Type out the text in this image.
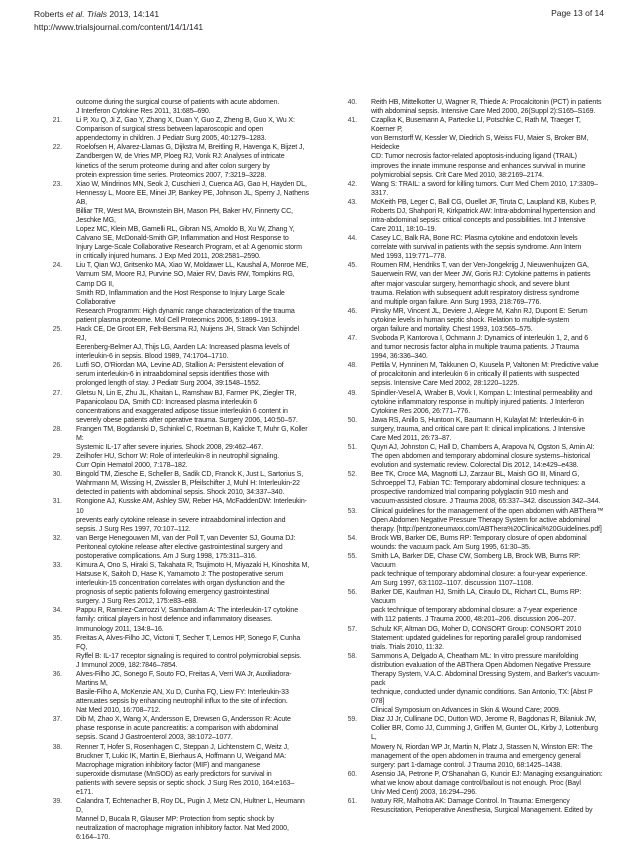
Roberts et al. Trials 2013, 14:141
http://www.trialsjournal.com/content/14/1/141
Page 13 of 14
outcome during the surgical course of patients with acute abdomen.
J Interferon Cytokine Res 2011, 31:685–690.
21. Li P, Xu Q, Ji Z, Gao Y, Zhang X, Duan Y, Guo Z, Zheng B, Guo X, Wu X:
Comparison of surgical stress between laparoscopic and open
appendectomy in children. J Pediatr Surg 2005, 40:1279–1283.
22. Roelofsen H, Alvarez-Llamas G, Dijkstra M, Breitling R, Havenga K, Bijzet J,
Zandbergen W, de Vries MP, Ploeg RJ, Vonk RJ: Analyses of intricate
kinetics of the serum proteome during and after colon surgery by
protein expression time series. Proteomics 2007, 7:3219–3228.
23. Xiao W, Mindrinos MN, Seok J, Cuschieri J, Cuenca AG, Gao H, Hayden DL,
Hennessy L, Moore EE, Minei JP, Bankey PE, Johnson JL, Sperry J, Nathens AB,
Billiar TR, West MA, Brownstein BH, Mason PH, Baker HV, Finnerty CC, Jeschke MG,
Lopez MC, Klein MB, Gamelli RL, Gibran NS, Arnoldo B, Xu W, Zhang Y,
Calvano SE, McDonald-Smith GP, Inflammation and Host Response to
Injury Large-Scale Collaborative Research Program, et al: A genomic storm
in critically injured humans. J Exp Med 2011, 208:2581–2590.
24. Liu T, Qian WJ, Gritsenko MA, Xiao W, Moldawer LL, Kaushal A, Monroe ME,
Varnum SM, Moore RJ, Purvine SO, Maier RV, Davis RW, Tompkins RG, Camp DG II,
Smith RD, Inflammation and the Host Response to Injury Large Scale Collaborative
Research Programm: High dynamic range characterization of the trauma
patient plasma proteome. Mol Cell Proteomics 2006, 5:1899–1913.
25. Hack CE, De Groot ER, Felt-Bersma RJ, Nuijens JH, Strack Van Schijndel RJ,
Eerenberg-Belmer AJ, Thijs LG, Aarden LA: Increased plasma levels of
interleukin-6 in sepsis. Blood 1989, 74:1704–1710.
26. Lutfi SO, O'Riordan MA, Levine AD, Stallion A: Persistent elevation of
serum interleukin-6 in intraabdominal sepsis identifies those with
prolonged length of stay. J Pediatr Surg 2004, 39:1548–1552.
27. Gletsu N, Lin E, Zhu JL, Khaitan L, Ramshaw BJ, Farmer PK, Ziegler TR,
Papanicolaou DA, Smith CD: Increased plasma interleukin 6
concentrations and exaggerated adipose tissue interleukin 6 content in
severely obese patients after operative trauma. Surgery 2006, 140:50–57.
28. Frangen TM, Bogdanski D, Schinkel C, Roetman B, Kalicke T, Muhr G, Koller M:
Systemic IL-17 after severe injuries. Shock 2008, 29:462–467.
29. Zeilhofer HU, Schorr W: Role of interleukin-8 in neutrophil signaling.
Curr Opin Hematol 2000, 7:178–182.
30. Bingold TM, Ziesche E, Scheller B, Sadik CD, Franck K, Just L, Sartorius S,
Wahrmann M, Wissing H, Zwissler B, Pfeilschifter J, Muhl H: Interleukin-22
detected in patients with abdominal sepsis. Shock 2010, 34:337–340.
31. Rongione AJ, Kusske AM, Ashley SW, Reber HA, McFaddenDW: Interleukin-10
prevents early cytokine release in severe intraabdominal infection and
sepsis. J Surg Res 1997, 70:107–112.
32. van Berge Henegouwen MI, van der Poll T, van Deventer SJ, Gouma DJ:
Peritoneal cytokine release after elective gastrointestinal surgery and
postoperative complications. Am J Surg 1998, 175:311–316.
33. Kimura A, Ono S, Hiraki S, Takahata R, Tsujimoto H, Miyazaki H, Kinoshita M,
Hatsuse K, Saitoh D, Hase K, Yamamoto J: The postoperative serum
interleukin-15 concentration correlates with organ dysfunction and the
prognosis of septic patients following emergency gastrointestinal
surgery. J Surg Res 2012, 175:e83–e88.
34. Pappu R, Ramirez-Carrozzi V, Sambandam A: The interleukin-17 cytokine
family: critical players in host defence and inflammatory diseases.
Immunology 2011, 134:8–16.
35. Freitas A, Alves-Filho JC, Victoni T, Secher T, Lemos HP, Sonego F, Cunha FQ,
Ryffel B: IL-17 receptor signaling is required to control polymicrobial sepsis.
J Immunol 2009, 182:7846–7854.
36. Alves-Filho JC, Sonego F, Souto FO, Freitas A, Verri WA Jr, Auxiliadora-Martins M,
Basile-Filho A, McKenzie AN, Xu D, Cunha FQ, Liew FY: Interleukin-33
attenuates sepsis by enhancing neutrophil influx to the site of infection.
Nat Med 2010, 16:708–712.
37. Dib M, Zhao X, Wang X, Andersson E, Drewsen G, Andersson R: Acute
phase response in acute pancreatitis: a comparison with abdominal
sepsis. Scand J Gastroenterol 2003, 38:1072–1077.
38. Renner T, Hofer S, Rosenhagen C, Steppan J, Lichtenstern C, Weitz J,
Bruckner T, Lukic IK, Martin E, Bierhaus A, Hoffmann U, Weigand MA:
Macrophage migration inhibitory factor (MIF) and manganese
superoxide dismutase (MnSOD) as early predictors for survival in
patients with severe sepsis or septic shock. J Surg Res 2010, 164:e163–e171.
39. Calandra T, Echtenacher B, Roy DL, Pugin J, Metz CN, Hultner L, Heumann D,
Mannel D, Bucala R, Glauser MP: Protection from septic shock by
neutralization of macrophage migration inhibitory factor. Nat Med 2000,
6:164–170.
40. Reith HB, Mittelkotter U, Wagner R, Thiede A: Procalcitonin (PCT) in patients
with abdominal sepsis. Intensive Care Med 2000, 26(Suppl 2):S165–S169.
41. Czaplka K, Busemann A, Partecke LI, Potschke C, Rath M, Traeger T, Koerner P,
von Bernstorff W, Kessler W, Diedrich S, Weiss FU, Maier S, Broker BM, Heidecke
CD: Tumor necrosis factor-related apoptosis-inducing ligand (TRAIL)
improves the innate immune response and enhances survival in murine
polymicrobial sepsis. Crit Care Med 2010, 38:2169–2174.
42. Wang S: TRAIL: a sword for killing tumors. Curr Med Chem 2010, 17:3309–3317.
43. McKeith PB, Leger C, Ball CG, Ouellet JF, Tiruta C, Laupland KB, Kubes P,
Roberts DJ, Shahpori R, Kirkpatrick AW: Intra-abdominal hypertension and
intra-abdominal sepsis: critical concepts and possibilities. Int J Intensive
Care 2011, 18:10–19.
44. Casey LC, Balk RA, Bone RC: Plasma cytokine and endotoxin levels
correlate with survival in patients with the sepsis syndrome. Ann Intern
Med 1993, 119:771–778.
45. Roumen RM, Hendriks T, van der Ven-Jongekrijg J, Nieuwenhuijzen GA,
Sauerwein RW, van der Meer JW, Goris RJ: Cytokine patterns in patients
after major vascular surgery, hemorrhagic shock, and severe blunt
trauma. Relation with subsequent adult respiratory distress syndrome
and multiple organ failure. Ann Surg 1993, 218:769–776.
46. Pinsky MR, Vincent JL, Deviere J, Alegre M, Kahn RJ, Dupont E: Serum
cytokine levels in human septic shock. Relation to multiple-system
organ failure and mortality. Chest 1993, 103:565–575.
47. Svoboda P, Kantorova I, Ochmann J: Dynamics of interleukin 1, 2, and 6
and tumor necrosis factor alpha in multiple trauma patients. J Trauma
1994, 36:336–340.
48. Pettila V, Hynninen M, Takkunen O, Kuusela P, Valtonen M: Predictive value
of procalcitonin and interleukin 6 in critically ill patients with suspected
sepsis. Intensive Care Med 2002, 28:1220–1225.
49. Spindler-Vesel A, Wraber B, Vovk I, Kompan L: Intestinal permeability and
cytokine inflammatory response in multiply injured patients. J Interferon
Cytokine Res 2006, 26:771–776.
50. Jawa RS, Anillo S, Huntoon K, Baumann H, Kulaylat M: Interleukin-6 in
surgery, trauma, and critical care part II: clinical implications. J Intensive
Care Med 2011, 26:73–87.
51. Quyn AJ, Johnston C, Hall D, Chambers A, Arapova N, Ogston S, Amin AI:
The open abdomen and temporary abdominal closure systems–historical
evolution and systematic review. Colorectal Dis 2012, 14:e429–e438.
52. Bee TK, Croce MA, Magnotti LJ, Zarzaur BL, Maish GO III, Minard G,
Schroeppel TJ, Fabian TC: Temporary abdominal closure techniques: a
prospective randomized trial comparing polyglactin 910 mesh and
vacuum-assisted closure. J Trauma 2008, 65:337–342. discussion 342–344.
53. Clinical guidelines for the management of the open abdomen with ABThera™
Open Abdomen Negative Pressure Therapy System for active abdominal
therapy. [http://pentzoneumaxx.com/ABThera%20Clinical%20Guidelines.pdf]
54. Brock WB, Barker DE, Burns RP: Temporary closure of open abdominal
wounds: the vacuum pack. Am Surg 1995, 61:30–35.
55. Smith LA, Barker DE, Chase CW, Somberg LB, Brock WB, Burns RP: Vacuum
pack technique of temporary abdominal closure: a four-year experience.
Am Surg 1997, 63:1102–1107. discussion 1107–1108.
56. Barker DE, Kaufman HJ, Smith LA, Ciraulo DL, Richart CL, Burns RP: Vacuum
pack technique of temporary abdominal closure: a 7-year experience
with 112 patients. J Trauma 2000, 48:201–206. discussion 206–207.
57. Schulz KF, Altman DG, Moher D, CONSORT Group: CONSORT 2010
Statement: updated guidelines for reporting parallel group randomised
trials. Trials 2010, 11:32.
58. Sammons A, Delgado A, Cheatham ML: In vitro pressure manifolding
distribution evaluation of the ABThera Open Abdomen Negative Pressure
Therapy System, V.A.C. Abdominal Dressing System, and Barker's vacuum-pack
technique, conducted under dynamic conditions. San Antonio, TX: [Abst P 078]
Clinical Symposium on Advances in Skin & Wound Care; 2009.
59. Diaz JJ Jr, Cullinane DC, Dutton WD, Jerome R, Bagdonas R, Bilaniuk JW,
Collier BR, Como JJ, Cumming J, Griffen M, Gunter OL, Kirby J, Lottenburg L,
Mowery N, Riordan WP Jr, Martin N, Platz J, Stassen N, Winston ER: The
management of the open abdomen in trauma and emergency general
surgery: part 1-damage control. J Trauma 2010, 68:1425–1438.
60. Asensio JA, Petrone P, O'Shanahan G, Kuncir EJ: Managing exsanguination:
what we know about damage control/bailout is not enough. Proc (Bayl
Univ Med Cent) 2003, 16:294–296.
61. Ivatury RR, Malhotra AK: Damage Control. In Trauma: Emergency
Resuscitation, Perioperative Anesthesia, Surgical Management. Edited by
